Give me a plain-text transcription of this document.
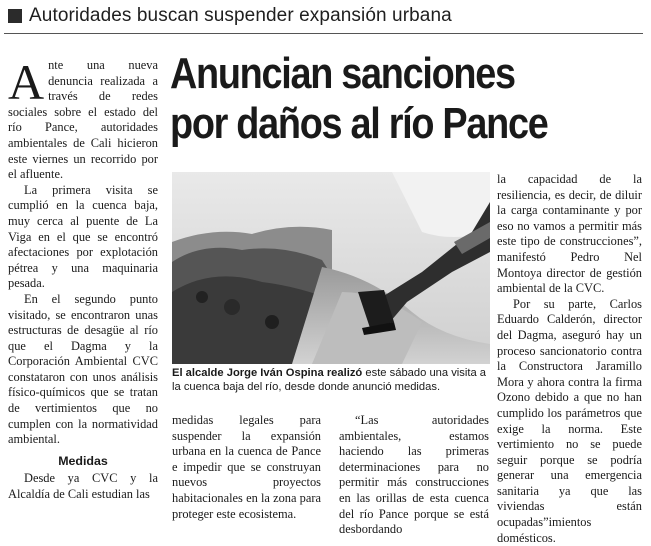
Autoridades buscan suspender expansión urbana

Ante una nueva denuncia realizada a través de redes sociales sobre el estado del río Pance, autoridades ambientales de Cali hicieron este viernes un recorrido por el afluente.

La primera visita se cumplió en la cuenca baja, muy cerca al puente de La Viga en el que se encontró afectaciones por explotación pétrea y una maquinaria pesada.

En el segundo punto visitado, se encontraron unas estructuras de desagüe al río que el Dagma y la Corporación Ambiental CVC constataron con unos análisis físico-químicos que se tratan de vertimientos que no cumplen con la normatividad ambiental.

Medidas

Desde ya CVC y la Alcaldía de Cali estudian las

Anuncian sanciones
por daños al río Pance
El alcalde Jorge Iván Ospina realizó este sábado una visita a la cuenca baja del río, desde donde anunció medidas.

medidas legales para suspender la expansión urbana en la cuenca de Pance e impedir que se construyan nuevos proyectos habitacionales en la zona para proteger este ecosistema.

“Las autoridades ambientales, estamos haciendo las primeras determinaciones para no permitir más construcciones en las orillas de esta cuenca del río Pance porque se está desbordando

la capacidad de la resiliencia, es decir, de diluir la carga contaminante y por eso no vamos a permitir más este tipo de construcciones”, manifestó Pedro Nel Montoya director de gestión ambiental de la CVC.

Por su parte, Carlos Eduardo Calderón, director del Dagma, aseguró hay un proceso sancionatorio contra la Constructora Jaramillo Mora y ahora contra la firma Ozono debido a que no han cumplido los parámetros que exige la norma. Este vertimiento no se puede seguir porque se podría generar una emergencia sanitaria ya que las viviendas están ocupadas”imientos domésticos.
